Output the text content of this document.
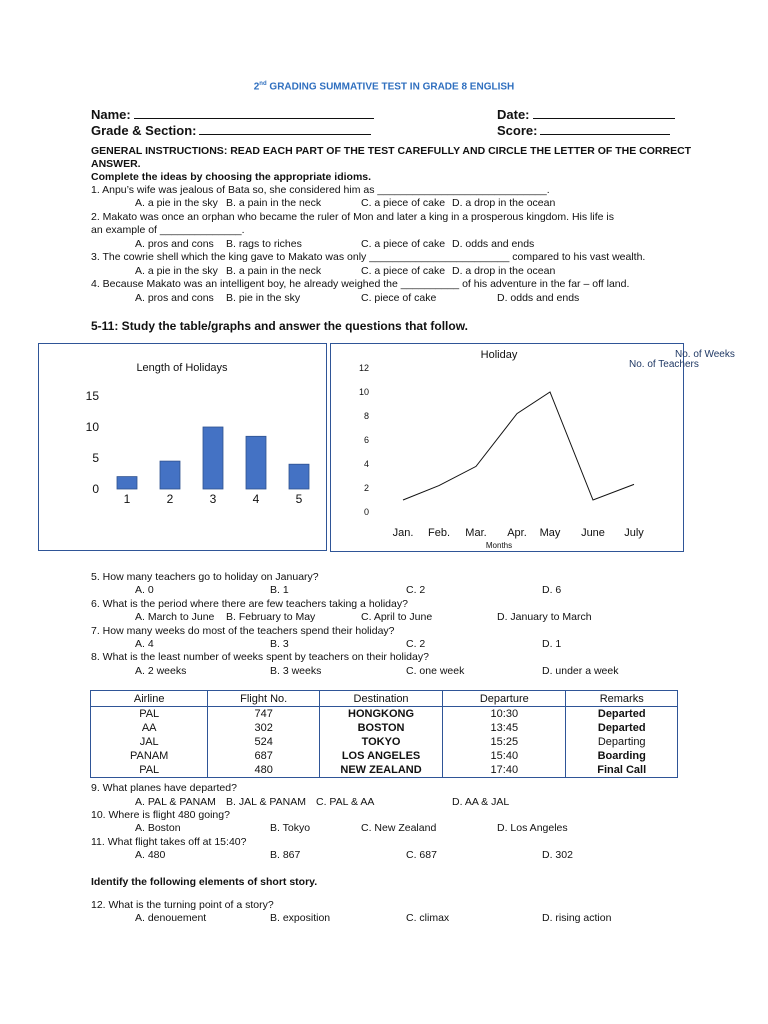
2nd GRADING SUMMATIVE TEST IN GRADE 8 ENGLISH
Name:	Date:
Grade & Section:	Score:
GENERAL INSTRUCTIONS: READ EACH PART OF THE TEST CAREFULLY AND CIRCLE THE LETTER OF THE CORRECT
ANSWER.
Complete the ideas by choosing the appropriate idioms.
1. Anpu’s wife was jealous of Bata so, she considered him as _____________________________.
A. a pie in the sky B. a pain in the neck	C. a piece of cake D. a drop in the ocean
2. Makato was once an orphan who became the ruler of Mon and later a king in a prosperous kingdom. His life is
an example of ______________.
A. pros and cons B. rags to riches	C. a piece of cake D. odds and ends
3. The cowrie shell which the king gave to Makato was only ________________________ compared to his vast wealth.
A. a pie in the sky B. a pain in the neck	C. a piece of cake D. a drop in the ocean
4. Because Makato was an intelligent boy, he already weighed the __________ of his adventure in the far – off land.
A. pros and cons B. pie in the sky	C. piece of cake	D. odds and ends
5-11: Study the table/graphs and answer the questions that follow.
Length of Holidays
0
5
10
15
1	2	3	4	5
Holiday
Months
0
2
4
6
8
10
12
Jan. Feb. Mar. Apr. May June July
No. of Weeks
No. of Teachers
5. How many teachers go to holiday on January?
A. 0	B. 1	C. 2	D. 6
6. What is the period where there are few teachers taking a holiday?
A. March to June B. February to May	C. April to June	D. January to March
7. How many weeks do most of the teachers spend their holiday?
A. 4	B. 3	C. 2	D. 1
8. What is the least number of weeks spent by teachers on their holiday?
A. 2 weeks	B. 3 weeks	C. one week	D. under a week
Airline	Flight No.	Destination	Departure	Remarks
PAL	747	HONGKONG	10:30	Departed
AA	302	BOSTON	13:45	Departed
JAL	524	TOKYO	15:25	Departing
PANAM	687	LOS ANGELES	15:40	Boarding
PAL	480	NEW ZEALAND	17:40	Final Call
9. What planes have departed?
A. PAL & PANAM B. JAL & PANAM C. PAL & AA	D. AA & JAL
10. Where is flight 480 going?
A. Boston	B. Tokyo	C. New Zealand	D. Los Angeles
11. What flight takes off at 15:40?
A. 480	B. 867	C. 687	D. 302
Identify the following elements of short story.
12. What is the turning point of a story?
A. denouement	B. exposition	C. climax	D. rising action
